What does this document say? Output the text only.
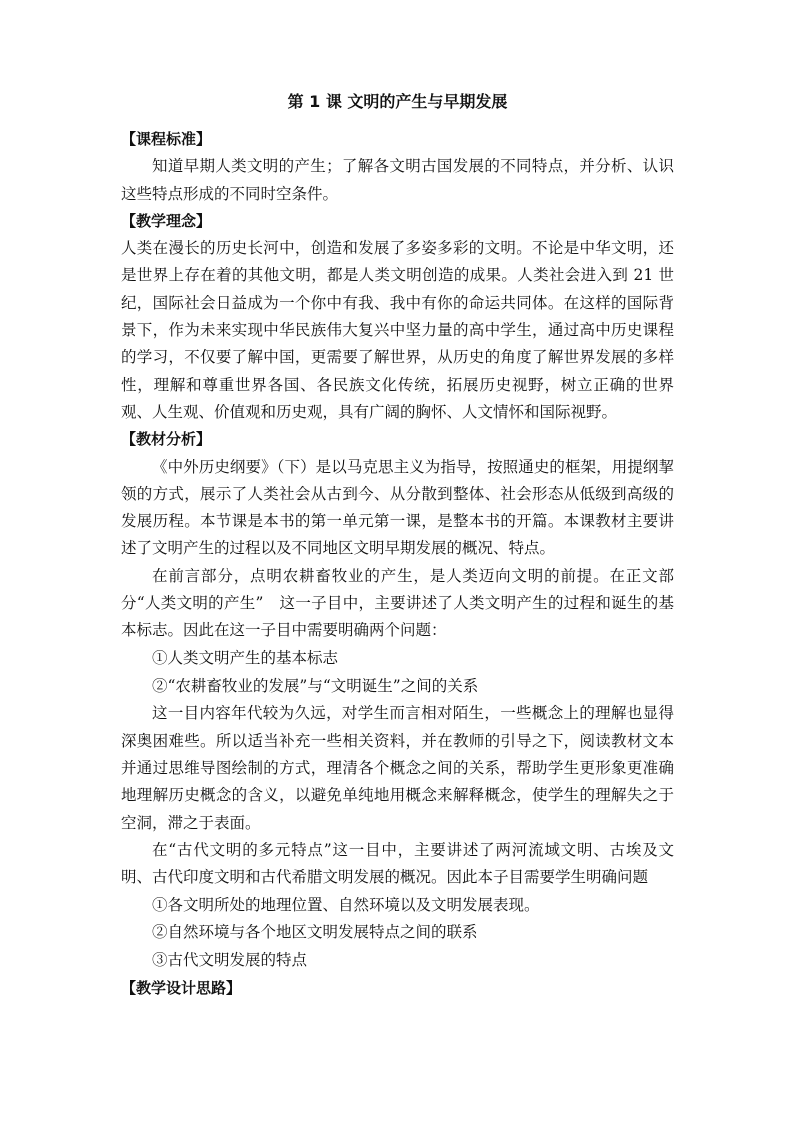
第 1 课 文明的产生与早期发展

【课程标准】

知道早期人类文明的产生；了解各文明古国发展的不同特点，并分析、认识这些特点形成的不同时空条件。

【教学理念】

人类在漫长的历史长河中，创造和发展了多姿多彩的文明。不论是中华文明，还是世界上存在着的其他文明，都是人类文明创造的成果。人类社会进入到 21 世纪，国际社会日益成为一个你中有我、我中有你的命运共同体。在这样的国际背景下，作为未来实现中华民族伟大复兴中坚力量的高中学生，通过高中历史课程的学习，不仅要了解中国，更需要了解世界，从历史的角度了解世界发展的多样性，理解和尊重世界各国、各民族文化传统，拓展历史视野，树立正确的世界观、人生观、价值观和历史观，具有广阔的胸怀、人文情怀和国际视野。

【教材分析】

《中外历史纲要》（下）是以马克思主义为指导，按照通史的框架，用提纲挈领的方式，展示了人类社会从古到今、从分散到整体、社会形态从低级到高级的发展历程。本节课是本书的第一单元第一课，是整本书的开篇。本课教材主要讲述了文明产生的过程以及不同地区文明早期发展的概况、特点。

在前言部分，点明农耕畜牧业的产生，是人类迈向文明的前提。在正文部分“人类文明的产生”　这一子目中，主要讲述了人类文明产生的过程和诞生的基本标志。因此在这一子目中需要明确两个问题：

①人类文明产生的基本标志

②“农耕畜牧业的发展”与“文明诞生”之间的关系

这一目内容年代较为久远，对学生而言相对陌生，一些概念上的理解也显得深奥困难些。所以适当补充一些相关资料，并在教师的引导之下，阅读教材文本并通过思维导图绘制的方式，理清各个概念之间的关系，帮助学生更形象更准确地理解历史概念的含义，以避免单纯地用概念来解释概念，使学生的理解失之于空洞，滞之于表面。

在“古代文明的多元特点”这一目中，主要讲述了两河流域文明、古埃及文明、古代印度文明和古代希腊文明发展的概况。因此本子目需要学生明确问题

①各文明所处的地理位置、自然环境以及文明发展表现。

②自然环境与各个地区文明发展特点之间的联系

③古代文明发展的特点

【教学设计思路】
